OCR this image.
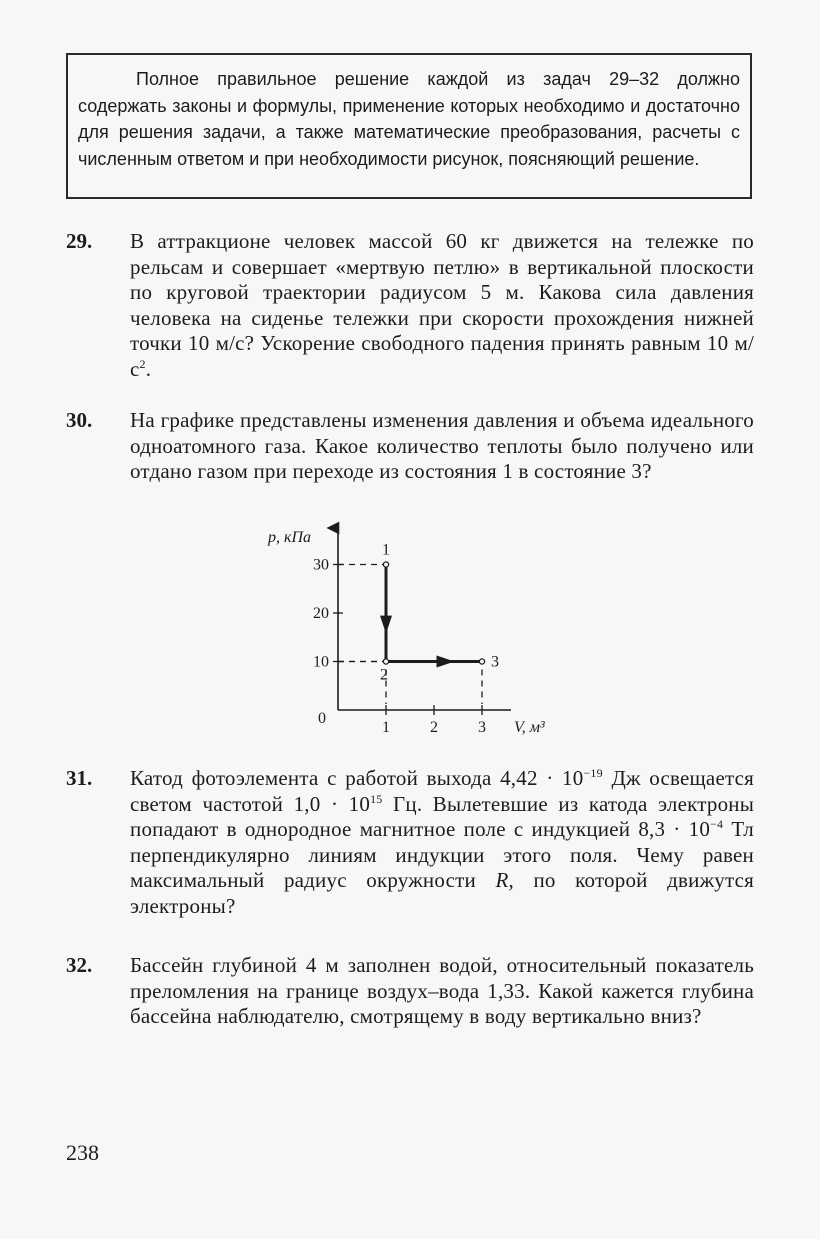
Полное правильное решение каждой из задач 29–32 должно содержать законы и формулы, применение которых необходимо и достаточно для решения задачи, а также математические преобразования, расчеты с численным ответом и при необходимости рисунок, поясняющий решение.

29. В аттракционе человек массой 60 кг движется на тележке по рельсам и совершает «мертвую петлю» в вертикальной плоскости по круговой траектории радиусом 5 м. Какова сила давления человека на сиденье тележки при скорости прохождения нижней точки 10 м/с? Ускорение свободного падения принять равным 10 $м/с^2$.
30. На графике представлены изменения давления и объема идеального одноатомного газа. Какое количество теплоты было получено или отдано газом при переходе из состояния 1 в состояние 3?
1	2	3
10
20
30
0
p, кПа
V, м³
1
2
3
31. Катод фотоэлемента с работой выхода $4,42 \cdot 10^{-19}$ Дж освещается светом частотой $1,0 \cdot 10^{15}$ Гц. Вылетевшие из катода электроны попадают в однородное магнитное поле с индукцией $8,3 \cdot 10^{-4}$ Тл перпендикулярно линиям индукции этого поля. Чему равен максимальный радиус окружности R, по которой движутся электроны?
32. Бассейн глубиной 4 м заполнен водой, относительный показатель преломления на границе воздух–вода 1,33. Какой кажется глубина бассейна наблюдателю, смотрящему в воду вертикально вниз?
238
